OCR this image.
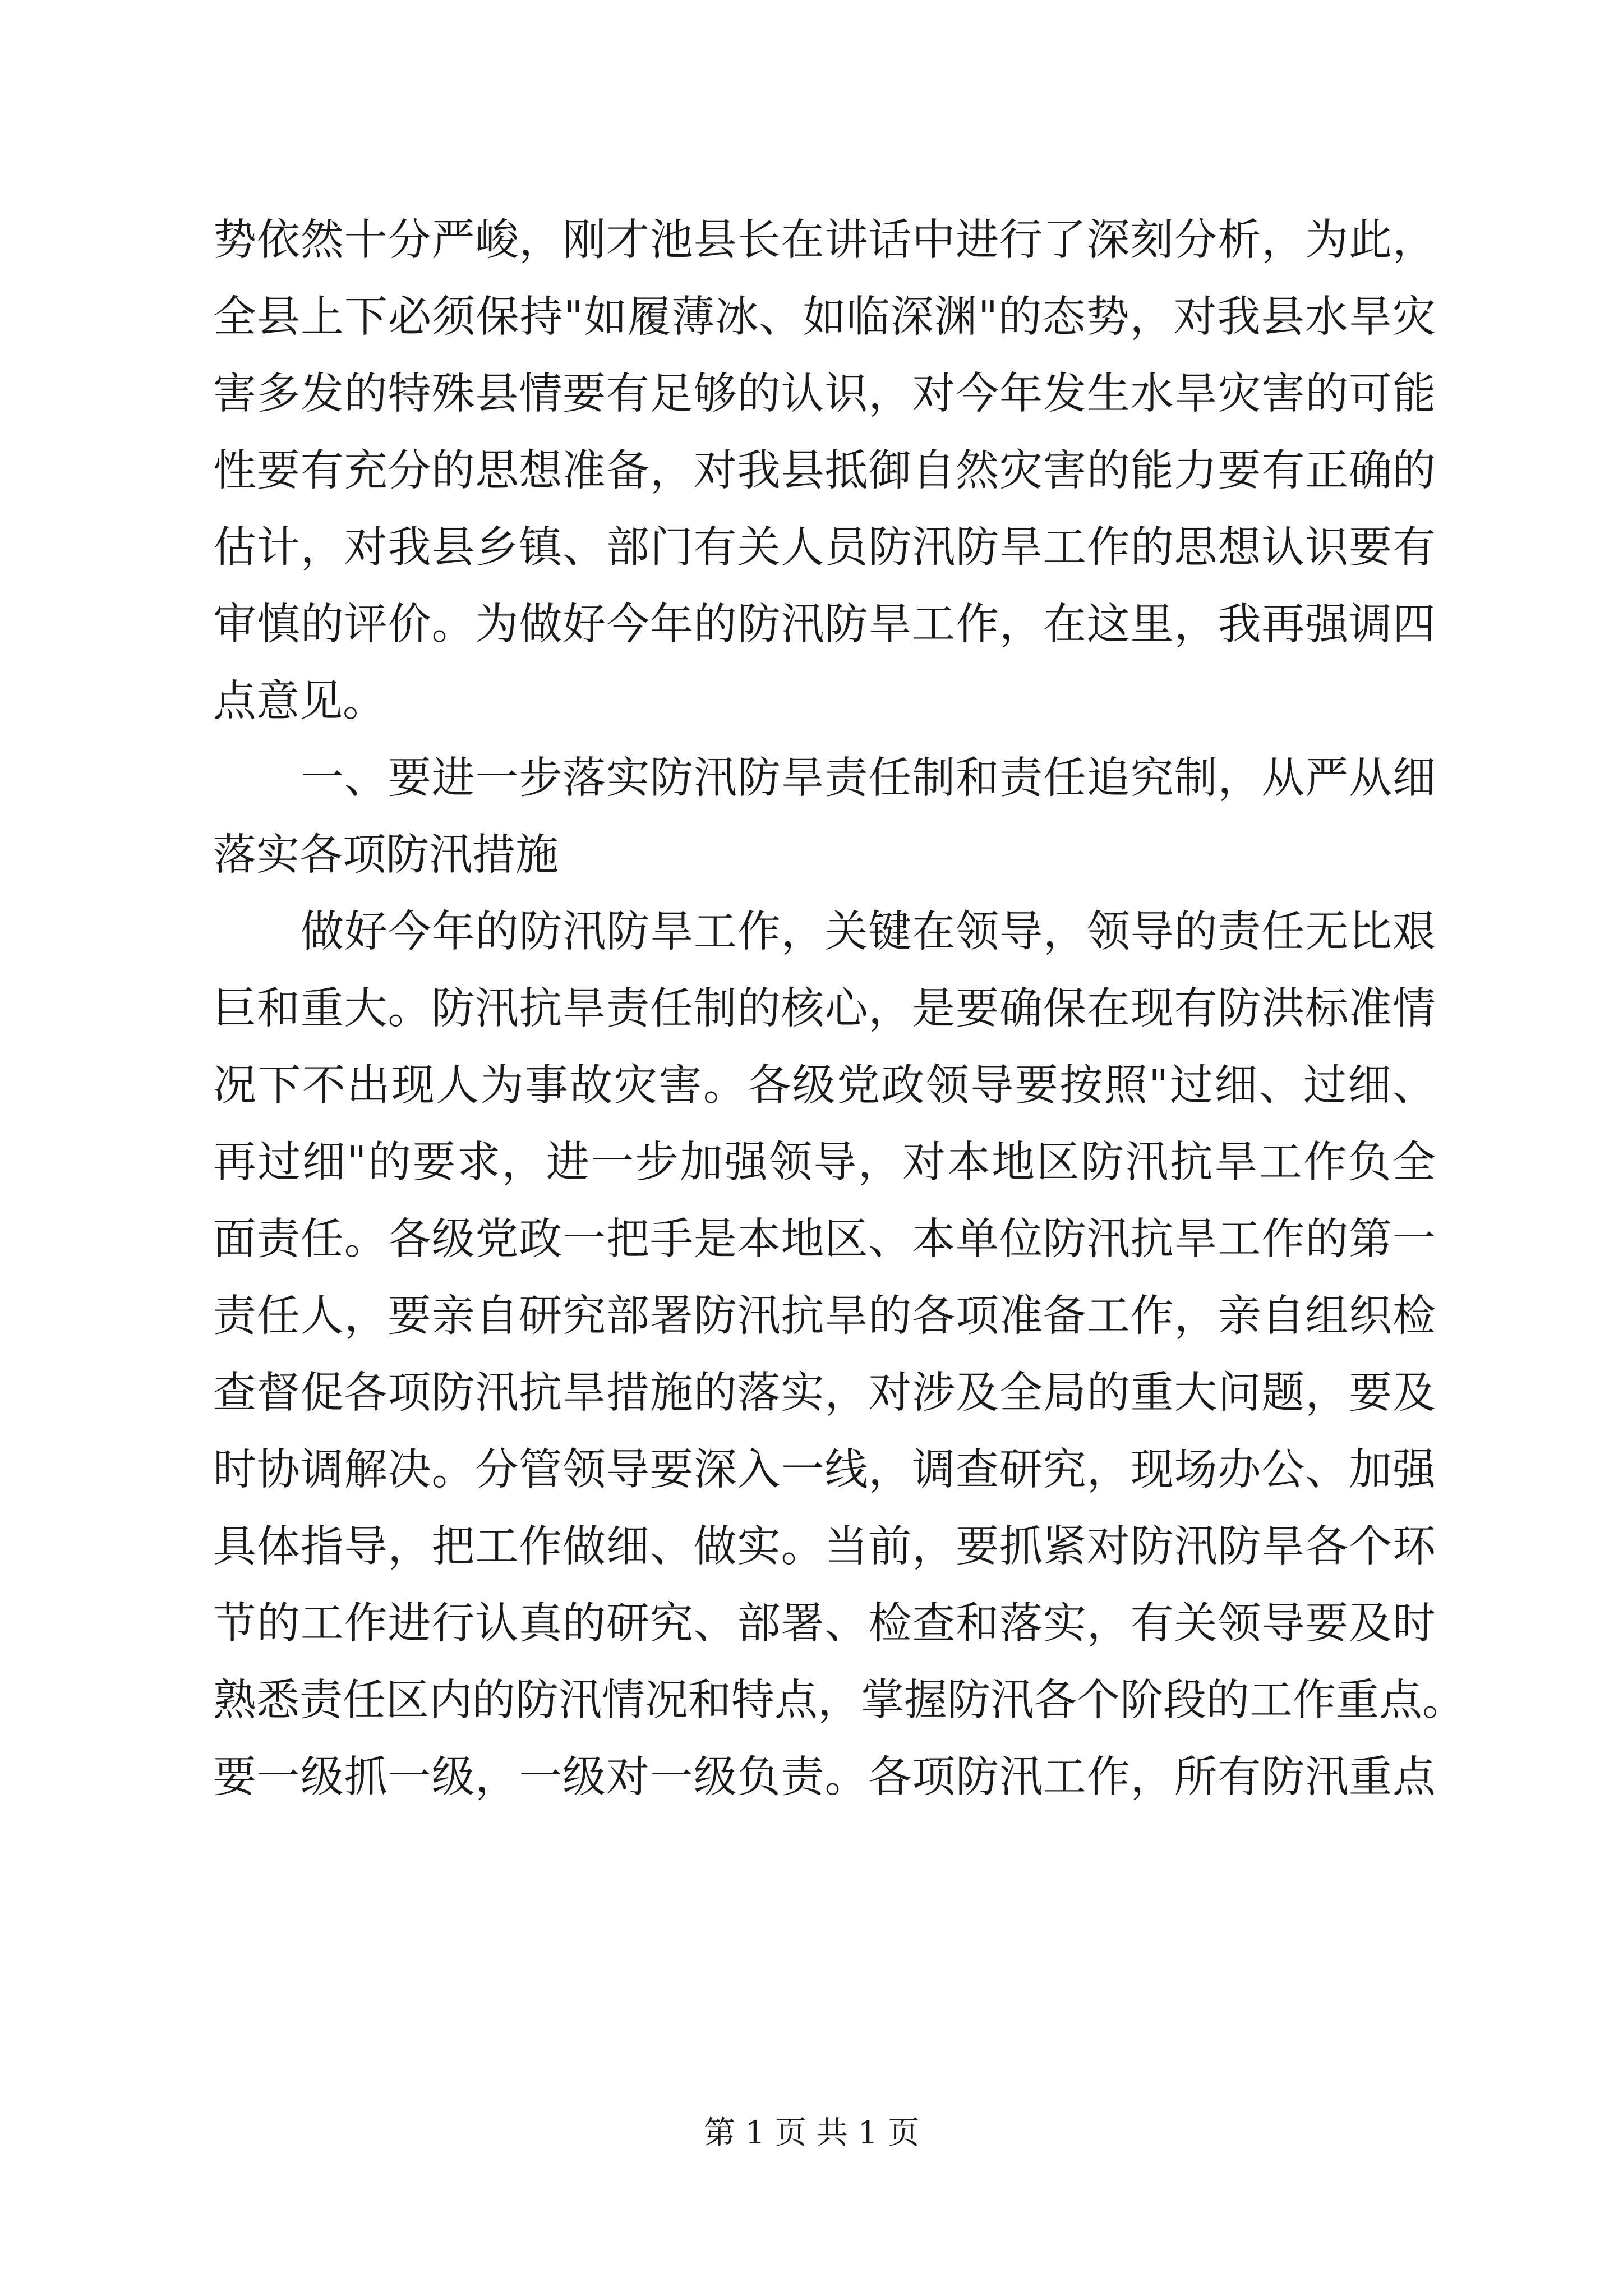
势依然十分严峻，刚才池县长在讲话中进行了深刻分析，为此，
全县上下必须保持"如履薄冰、如临深渊"的态势，对我县水旱灾
害多发的特殊县情要有足够的认识，对今年发生水旱灾害的可能
性要有充分的思想准备，对我县抵御自然灾害的能力要有正确的
估计，对我县乡镇、部门有关人员防汛防旱工作的思想认识要有
审慎的评价。为做好今年的防汛防旱工作，在这里，我再强调四
点意见。
一、要进一步落实防汛防旱责任制和责任追究制，从严从细
落实各项防汛措施
做好今年的防汛防旱工作，关键在领导，领导的责任无比艰
巨和重大。防汛抗旱责任制的核心，是要确保在现有防洪标准情
况下不出现人为事故灾害。各级党政领导要按照"过细、过细、
再过细"的要求，进一步加强领导，对本地区防汛抗旱工作负全
面责任。各级党政一把手是本地区、本单位防汛抗旱工作的第一
责任人，要亲自研究部署防汛抗旱的各项准备工作，亲自组织检
查督促各项防汛抗旱措施的落实，对涉及全局的重大问题，要及
时协调解决。分管领导要深入一线，调查研究，现场办公、加强
具体指导，把工作做细、做实。当前，要抓紧对防汛防旱各个环
节的工作进行认真的研究、部署、检查和落实，有关领导要及时
熟悉责任区内的防汛情况和特点，掌握防汛各个阶段的工作重点。
要一级抓一级，一级对一级负责。各项防汛工作，所有防汛重点
第 1 页 共 1 页
